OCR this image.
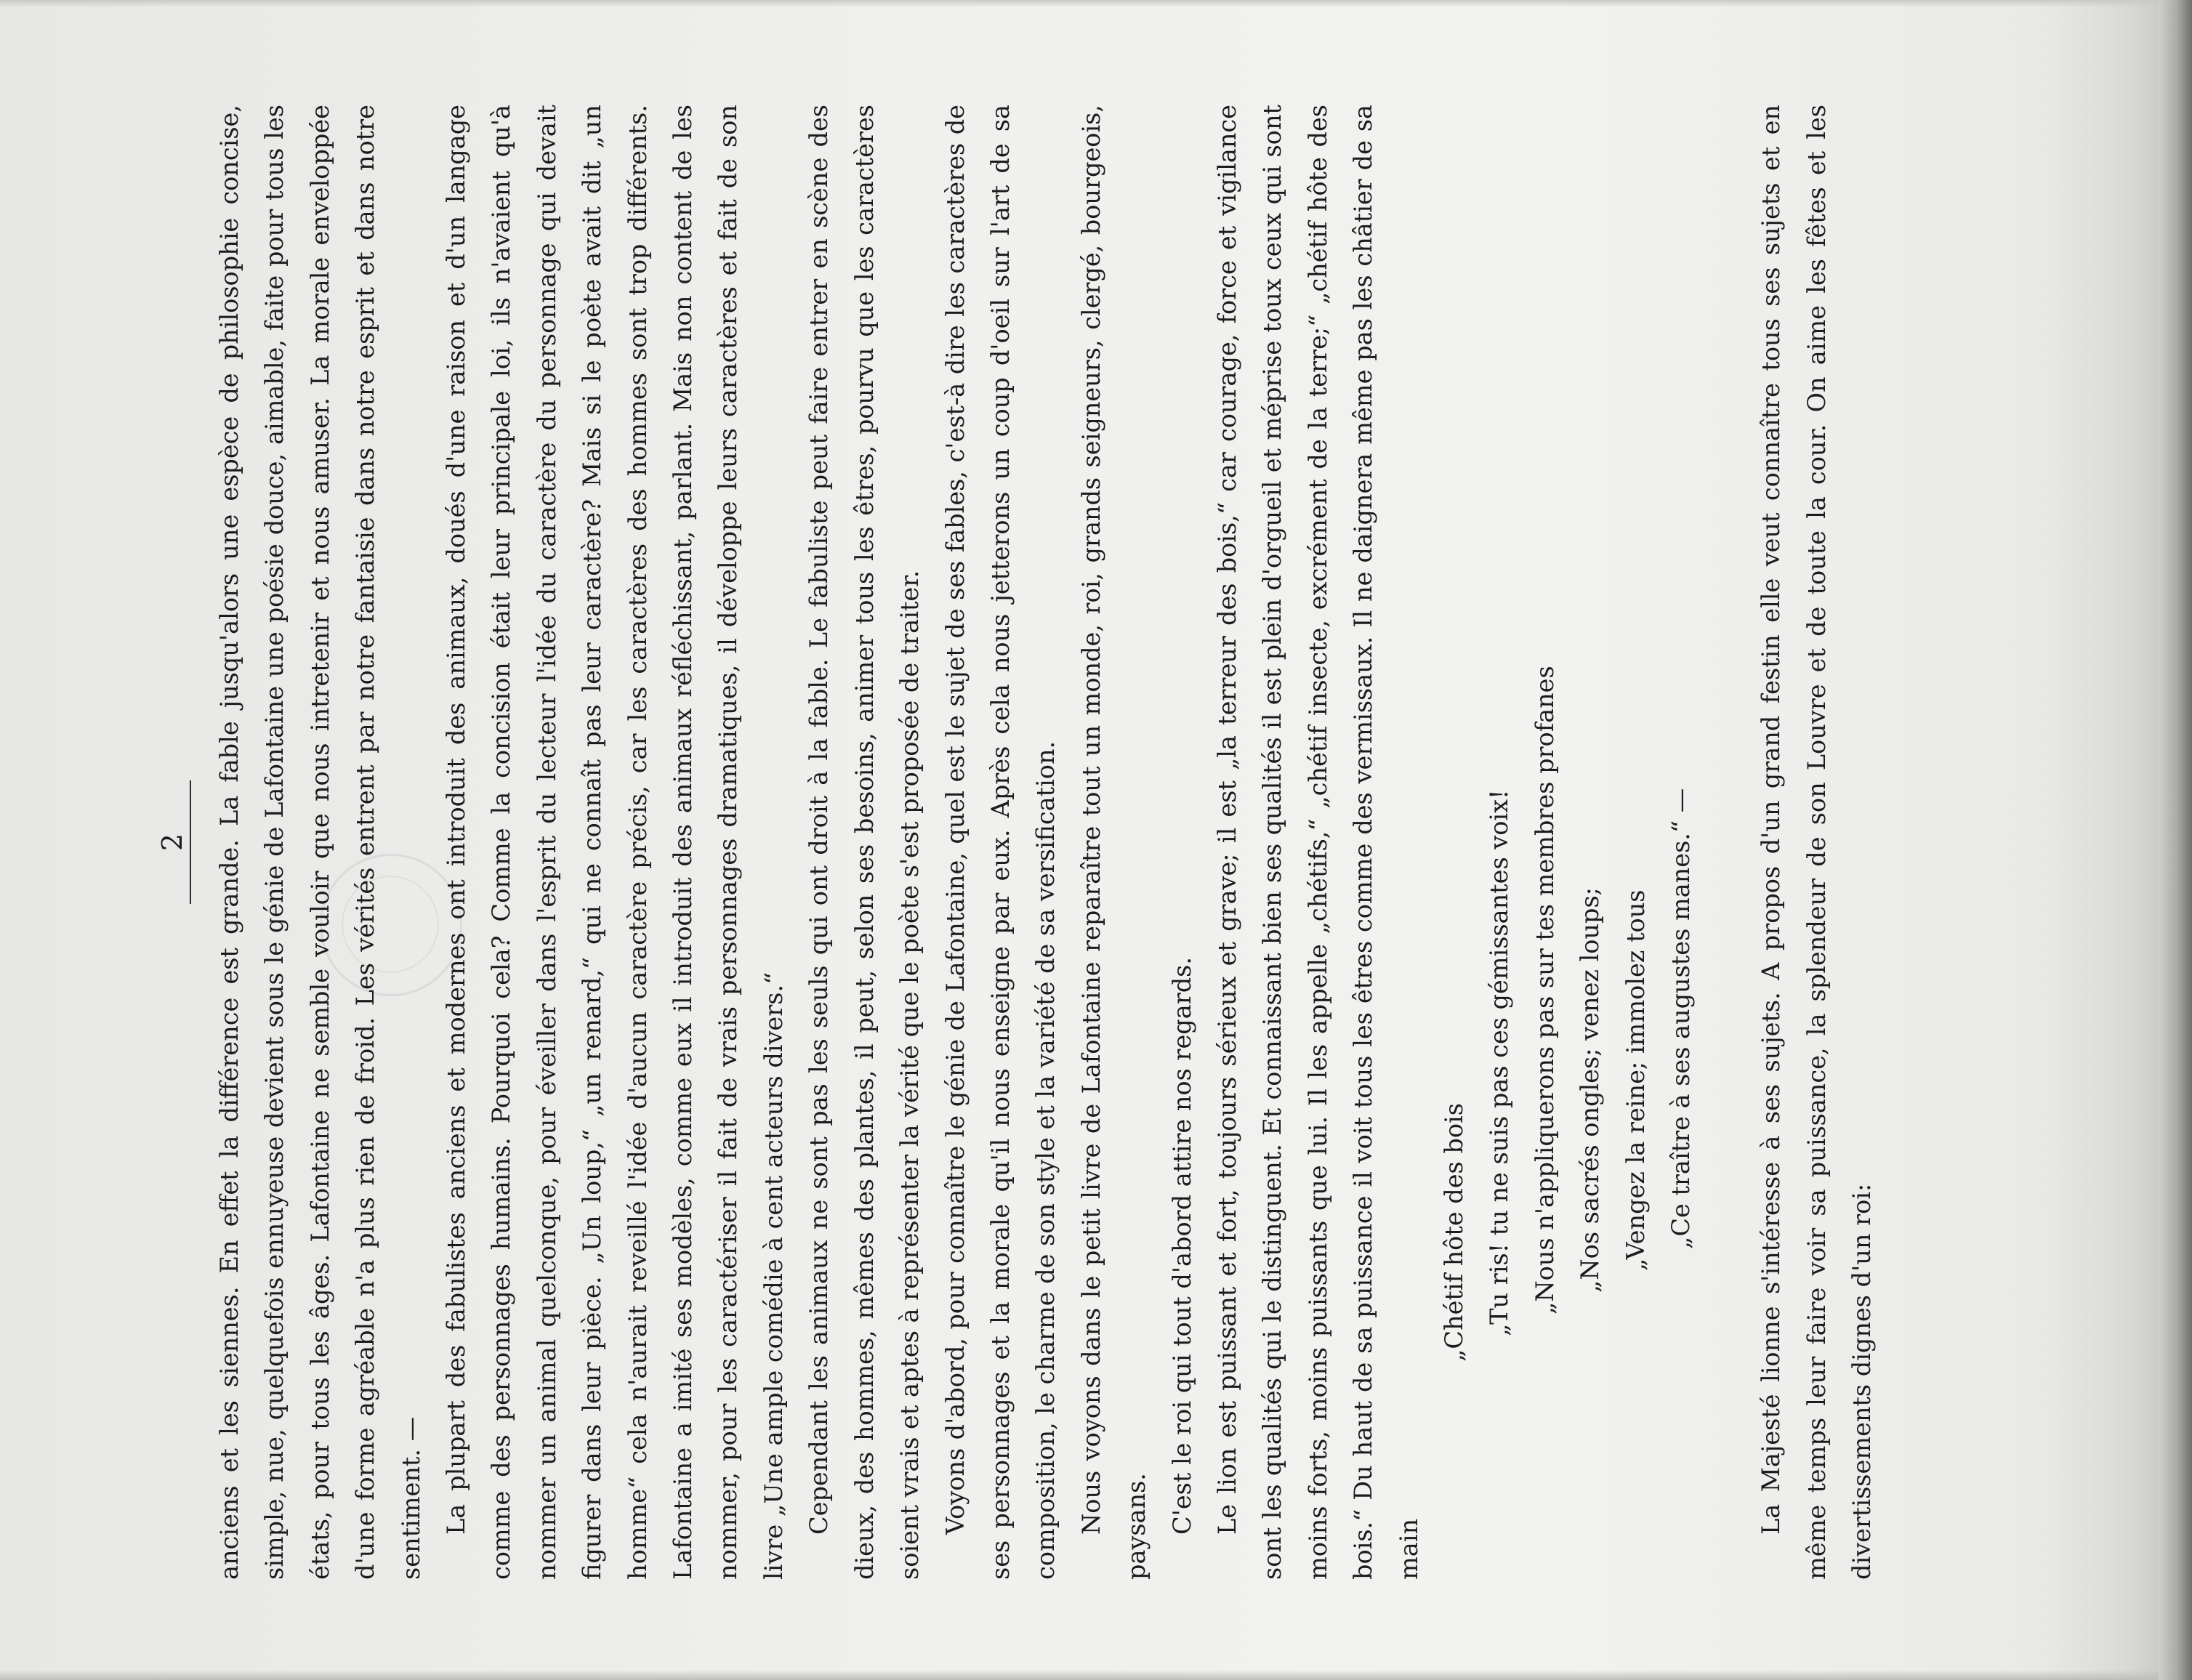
2	anciens et les siennes. En effet la différence est grande. La fable jusqu'alors une espèce de philosophie concise, simple, nue, quelquefois ennuyeuse devient sous le génie de Lafontaine une poésie douce, aimable, faite pour tous les états, pour tous les âges. Lafontaine ne semble vouloir que nous intretenir et nous amuser. La morale enveloppée d'une forme agréable n'a plus rien de froid. Les vérités entrent par notre fantaisie dans notre esprit et dans notre sentiment. — La plupart des fabulistes anciens et modernes ont introduit des animaux, doués d'une raison et d'un langage comme des personnages humains. Pourquoi cela? Comme la concision était leur principale loi, ils n'avaient qu'à nommer un animal quelconque, pour éveiller dans l'esprit du lecteur l'idée du caractère du personnage qui devait figurer dans leur pièce. „Un loup,“ „un renard,“ qui ne connaît pas leur caractère? Mais si le poète avait dit „un homme“ cela n'aurait reveillé l'idée d'aucun caractère précis, car les caractères des hommes sont trop différents. Lafontaine a imité ses modèles, comme eux il introduit des animaux réfléchissant, parlant. Mais non content de les nommer, pour les caractériser il fait de vrais personnages dramatiques, il développe leurs caractères et fait de son livre „Une ample comédie à cent acteurs divers.“ Cependant les animaux ne sont pas les seuls qui ont droit à la fable. Le fabuliste peut faire entrer en scène des dieux, des hommes, mêmes des plantes, il peut, selon ses besoins, animer tous les êtres, pourvu que les caractères soient vrais et aptes à représenter la vérité que le poète s'est proposée de traiter. Voyons d'abord, pour connaître le génie de Lafontaine, quel est le sujet de ses fables, c'est-à dire les caractères de ses personnages et la morale qu'il nous enseigne par eux. Après cela nous jetterons un coup d'oeil sur l'art de sa composition, le charme de son style et la variété de sa versification. Nous voyons dans le petit livre de Lafontaine reparaître tout un monde, roi, grands seigneurs, clergé, bourgeois, paysans. C'est le roi qui tout d'abord attire nos regards. Le lion est puissant et fort, toujours sérieux et grave; il est „la terreur des bois,“ car courage, force et vigilance sont les qualités qui le distinguent. Et connaissant bien ses qualités il est plein d'orgueil et méprise toux ceux qui sont moins forts, moins puissants que lui. Il les appelle „chétifs,“ „chétif insecte, excrément de la terre;“ „chétif hôte des bois.“ Du haut de sa puissance il voit tous les êtres comme des vermissaux. Il ne daignera même pas les châtier de sa main

„Chétif hôte des bois „Tu ris! tu ne suis pas ces gémissantes voix! „Nous n'appliquerons pas sur tes membres profanes „Nos sacrés ongles; venez loups; „Vengez la reine; immolez tous „Ce traître à ses augustes manes.“ —	La Majesté lionne s'intéresse à ses sujets. A propos d'un grand festin elle veut connaître tous ses sujets et en même temps leur faire voir sa puissance, la splendeur de son Louvre et de toute la cour. On aime les fêtes et les divertissements dignes d'un roi:
